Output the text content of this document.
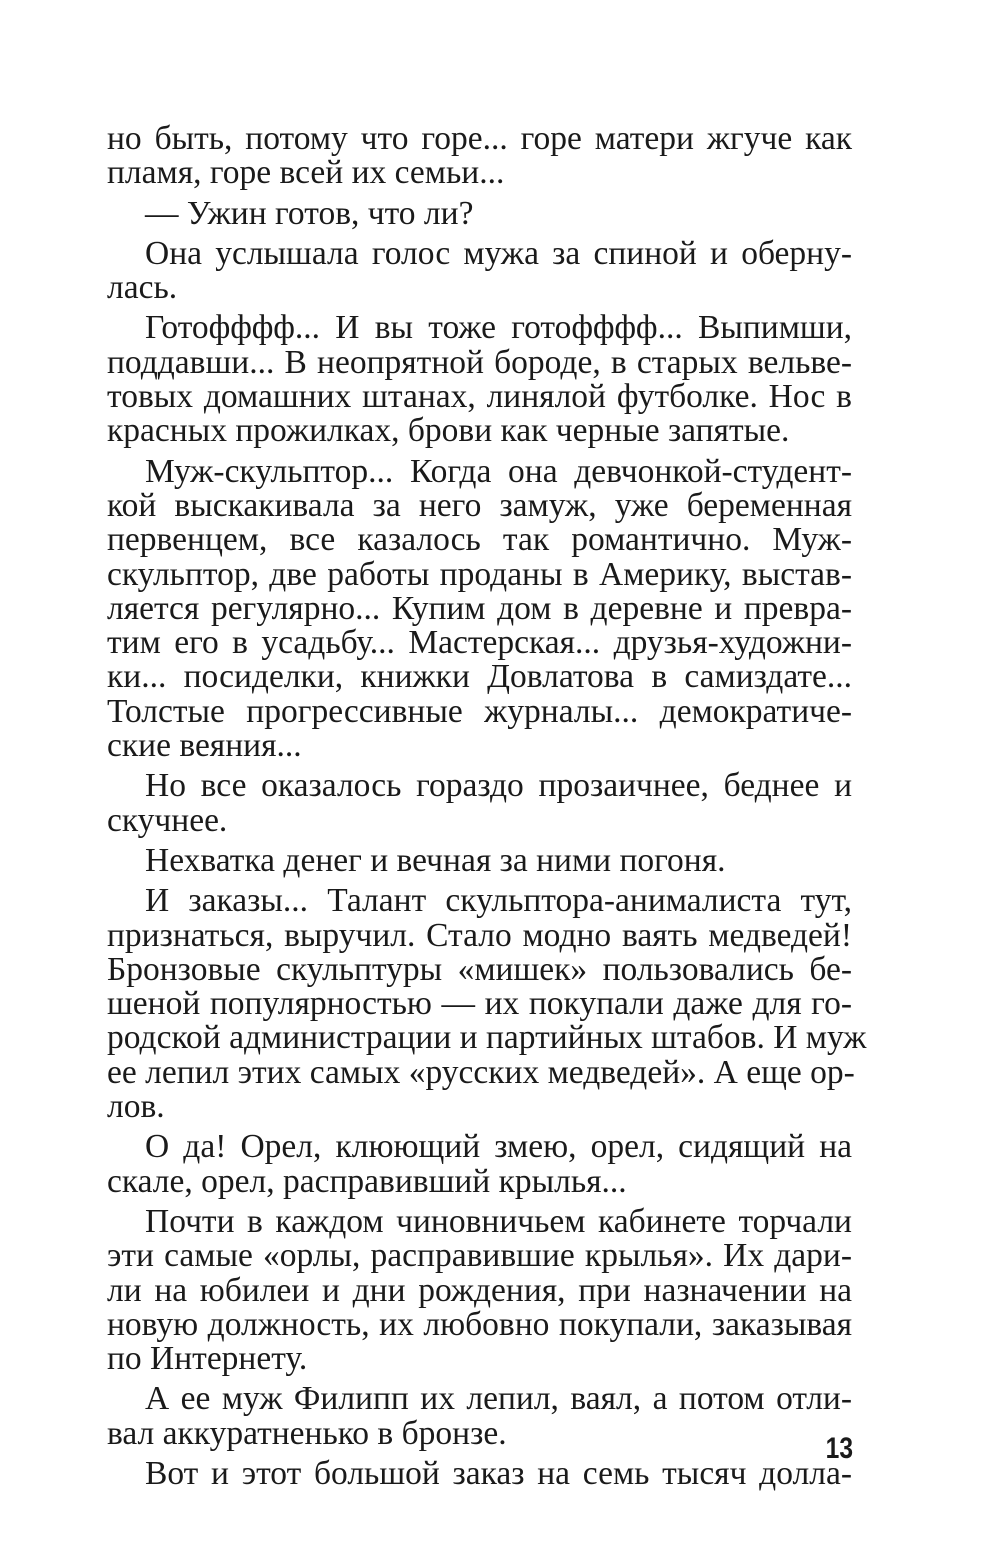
но быть, потому что горе... горе матери жгуче как
пламя, горе всей их семьи...
— Ужин готов, что ли?
Она услышала голос мужа за спиной и оберну-
лась.
Готофффф... И вы тоже готофффф... Выпимши,
поддавши... В неопрятной бороде, в старых вельве-
товых домашних штанах, линялой футболке. Нос в
красных прожилках, брови как черные запятые.
Муж-скульптор... Когда она девчонкой-студент-
кой выскакивала за него замуж, уже беременная
первенцем, все казалось так романтично. Муж-
скульптор, две работы проданы в Америку, выстав-
ляется регулярно... Купим дом в деревне и превра-
тим его в усадьбу... Мастерская... друзья-художни-
ки... посиделки, книжки Довлатова в самиздате...
Толстые прогрессивные журналы... демократиче-
ские веяния...
Но все оказалось гораздо прозаичнее, беднее и
скучнее.
Нехватка денег и вечная за ними погоня.
И заказы... Талант скульптора-анималиста тут,
признаться, выручил. Стало модно ваять медведей!
Бронзовые скульптуры «мишек» пользовались бе-
шеной популярностью — их покупали даже для го-
родской администрации и партийных штабов. И муж
ее лепил этих самых «русских медведей». А еще ор-
лов.
О да! Орел, клюющий змею, орел, сидящий на
скале, орел, расправивший крылья...
Почти в каждом чиновничьем кабинете торчали
эти самые «орлы, расправившие крылья». Их дари-
ли на юбилеи и дни рождения, при назначении на
новую должность, их любовно покупали, заказывая
по Интернету.
А ее муж Филипп их лепил, ваял, а потом отли-
вал аккуратненько в бронзе.
Вот и этот большой заказ на семь тысяч долла-
13
